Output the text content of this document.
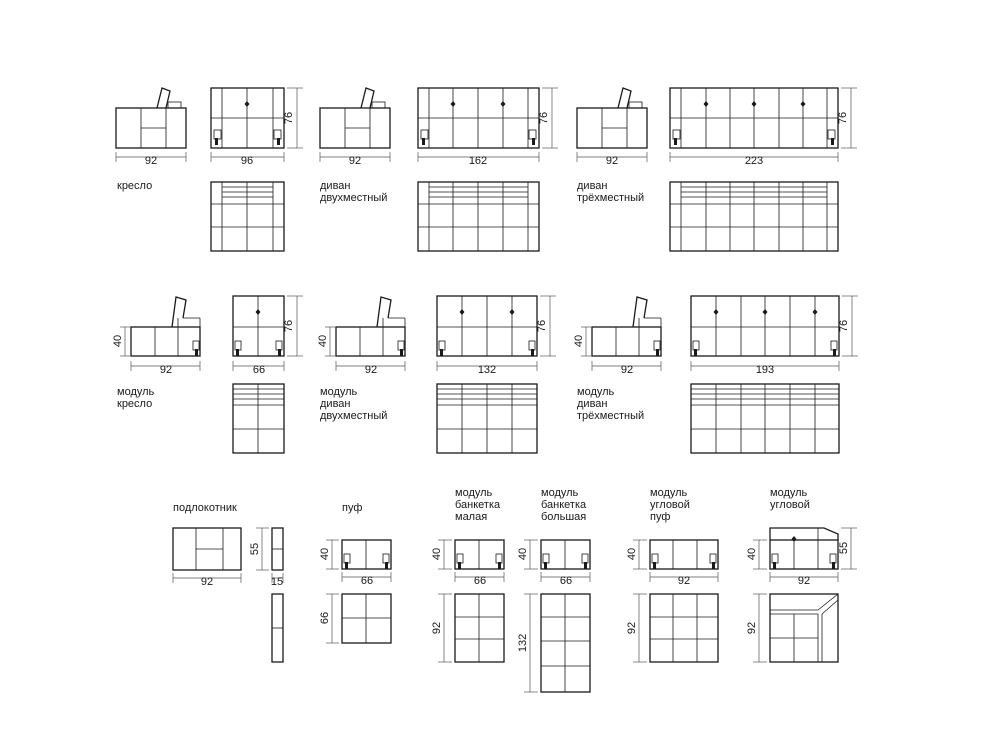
92	96
76
кресло
92	162
76
диван
двухместный
92	223
76
диван
трёхместный
40
92	66
76
модуль
кресло
40
92	132
76
модуль
диван
двухместный
40
92	193
76
модуль
диван
трёхместный
подлокотник
92
55
15
пуф
40
66
66
модуль
банкетка
малая
40
66
92
модуль
банкетка
большая
40
66
132
модуль
угловой
пуф
40
92
92
модуль
угловой
40	55
92
92
